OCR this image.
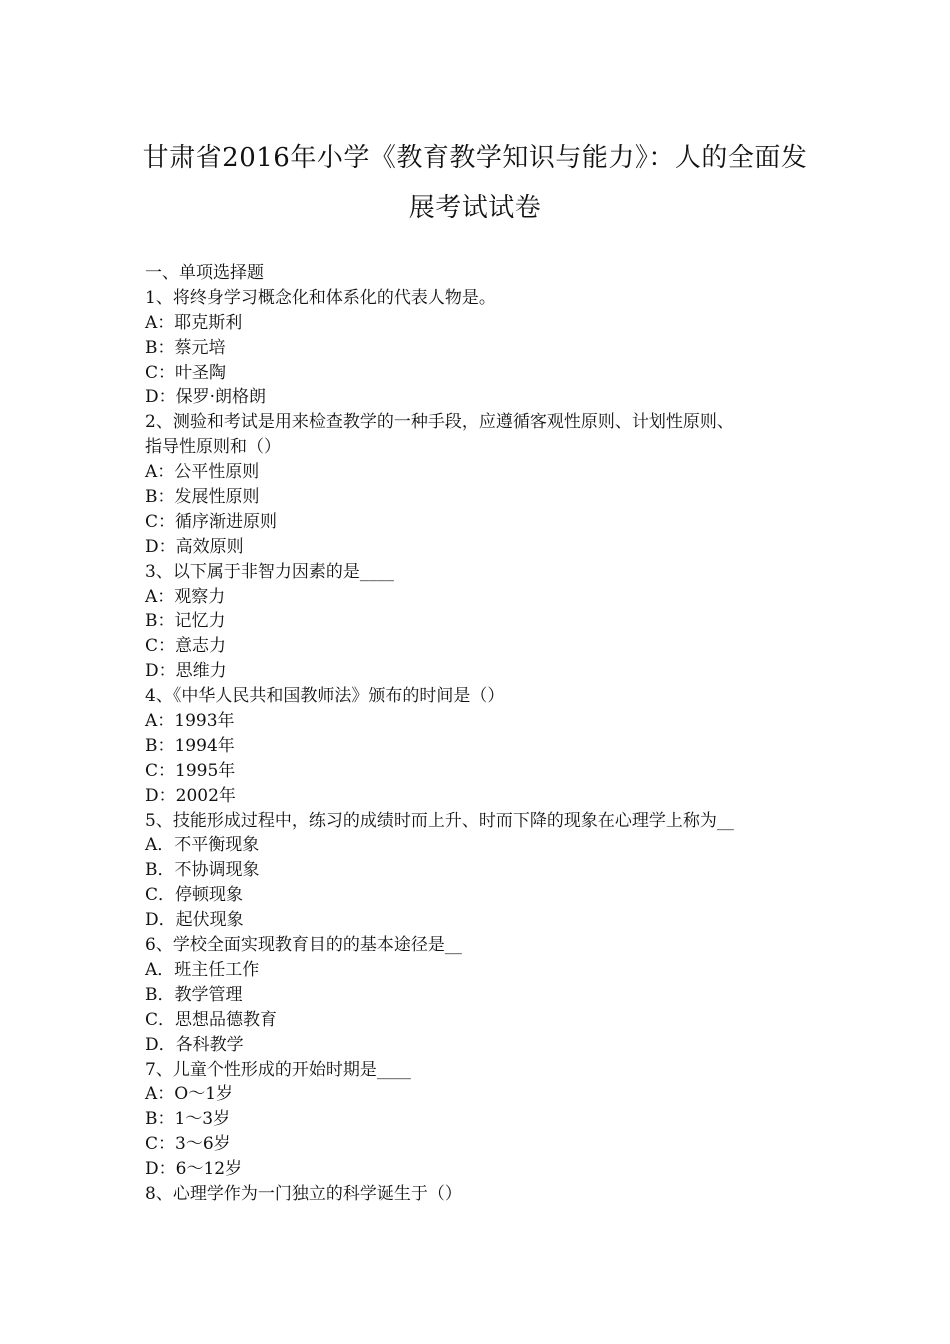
甘肃省2016年小学《教育教学知识与能力》：人的全面发
展考试试卷
一、单项选择题
1、将终身学习概念化和体系化的代表人物是。
A：耶克斯利
B：蔡元培
C：叶圣陶
D：保罗·朗格朗
2、测验和考试是用来检查教学的一种手段，应遵循客观性原则、计划性原则、
指导性原则和（）
A：公平性原则
B：发展性原则
C：循序渐进原则
D：高效原则
3、以下属于非智力因素的是____
A：观察力
B：记忆力
C：意志力
D：思维力
4、《中华人民共和国教师法》颁布的时间是（）
A：1993年
B：1994年
C：1995年
D：2002年
5、技能形成过程中，练习的成绩时而上升、时而下降的现象在心理学上称为__
A．不平衡现象
B．不协调现象
C．停顿现象
D．起伏现象
6、学校全面实现教育目的的基本途径是__
A．班主任工作
B．教学管理
C．思想品德教育
D．各科教学
7、儿童个性形成的开始时期是____
A：O～1岁
B：1～3岁
C：3～6岁
D：6～12岁
8、心理学作为一门独立的科学诞生于（）
